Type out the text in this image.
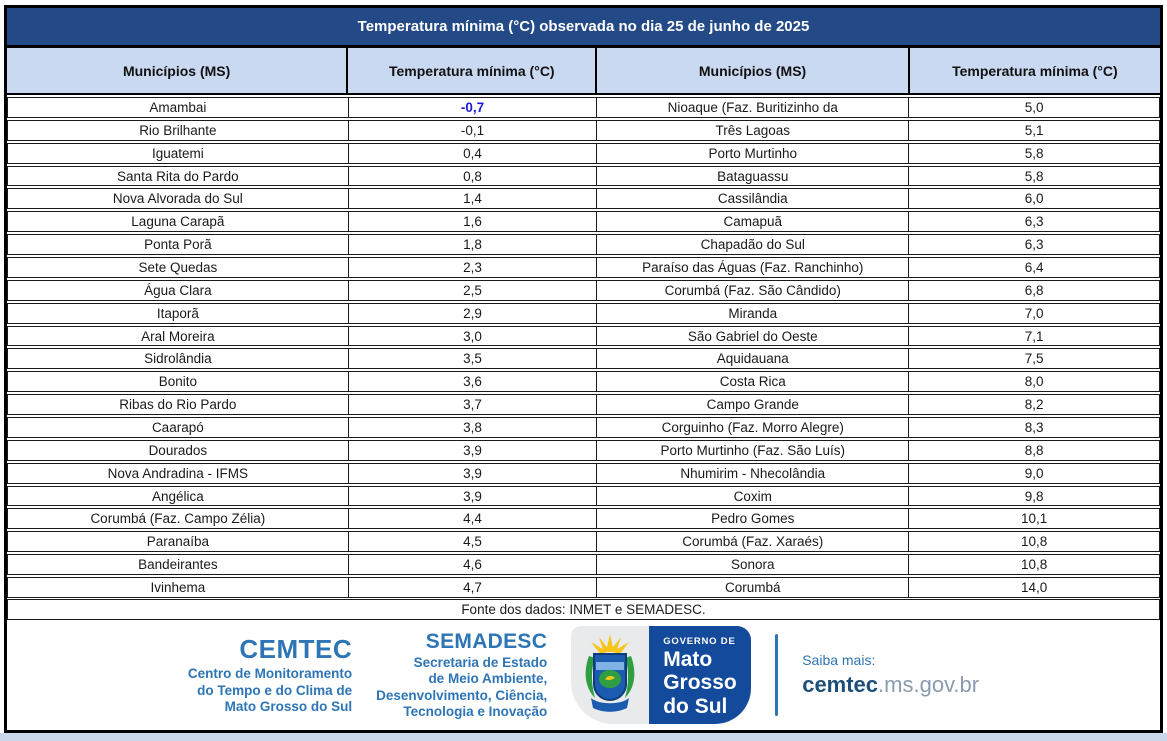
Temperatura mínima (°C) observada no dia 25 de junho de 2025
Municípios (MS)	Temperatura mínima (°C)	Municípios (MS)	Temperatura mínima (°C)
Amambai	-0,7	Nioaque (Faz. Buritizinho da	5,0
Rio Brilhante	-0,1	Três Lagoas	5,1
Iguatemi	0,4	Porto Murtinho	5,8
Santa Rita do Pardo	0,8	Bataguassu	5,8
Nova Alvorada do Sul	1,4	Cassilândia	6,0
Laguna Carapã	1,6	Camapuã	6,3
Ponta Porã	1,8	Chapadão do Sul	6,3
Sete Quedas	2,3	Paraíso das Águas (Faz. Ranchinho)	6,4
Água Clara	2,5	Corumbá (Faz. São Cândido)	6,8
Itaporã	2,9	Miranda	7,0
Aral Moreira	3,0	São Gabriel do Oeste	7,1
Sidrolândia	3,5	Aquidauana	7,5
Bonito	3,6	Costa Rica	8,0
Ribas do Rio Pardo	3,7	Campo Grande	8,2
Caarapó	3,8	Corguinho (Faz. Morro Alegre)	8,3
Dourados	3,9	Porto Murtinho (Faz. São Luís)	8,8
Nova Andradina - IFMS	3,9	Nhumirim - Nhecolândia	9,0
Angélica	3,9	Coxim	9,8
Corumbá (Faz. Campo Zélia)	4,4	Pedro Gomes	10,1
Paranaíba	4,5	Corumbá (Faz. Xaraés)	10,8
Bandeirantes	4,6	Sonora	10,8
Ivinhema	4,7	Corumbá	14,0
Fonte dos dados: INMET e SEMADESC.
CEMTEC
Centro de Monitoramento
do Tempo e do Clima de
Mato Grosso do Sul
SEMADESC
Secretaria de Estado
de Meio Ambiente,
Desenvolvimento, Ciência,
Tecnologia e Inovação
GOVERNO DE
Mato
Grosso
do Sul
Saiba mais:
cemtec.ms.gov.br
